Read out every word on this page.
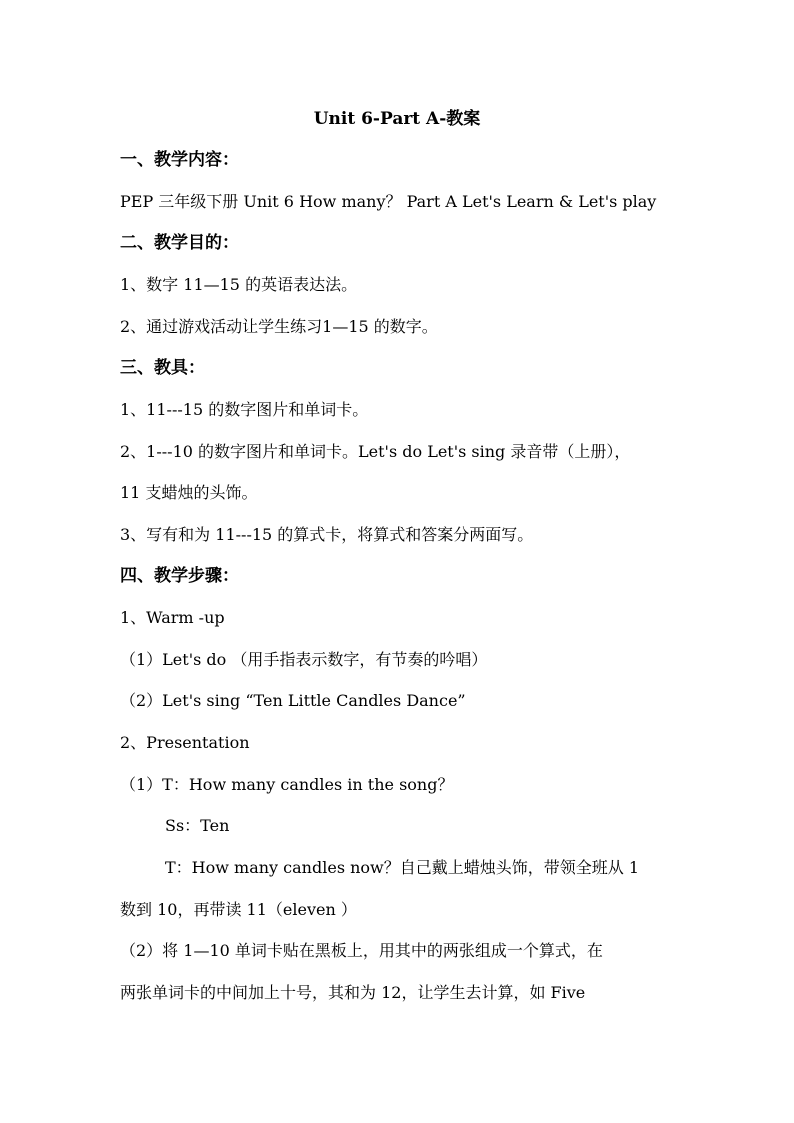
Unit 6-Part A-教案
一、教学内容：
PEP 三年级下册 Unit 6 How many？ Part A Let's Learn & Let's play
二、教学目的：
1、数字 11—15 的英语表达法。
2、通过游戏活动让学生练习1—15 的数字。
三、教具：
1、11---15 的数字图片和单词卡。
2、1---10 的数字图片和单词卡。Let's do Let's sing 录音带（上册），
11 支蜡烛的头饰。
3、写有和为 11---15 的算式卡，将算式和答案分两面写。
四、教学步骤：
1、Warm -up
（1）Let's do （用手指表示数字，有节奏的吟唱）
（2）Let's sing “Ten Little Candles Dance”
2、Presentation
（1）T：How many candles in the song？
Ss：Ten
T：How many candles now？自己戴上蜡烛头饰，带领全班从 1
数到 10，再带读 11（eleven ）
（2）将 1—10 单词卡贴在黑板上，用其中的两张组成一个算式，在
两张单词卡的中间加上十号，其和为 12，让学生去计算，如 Five
